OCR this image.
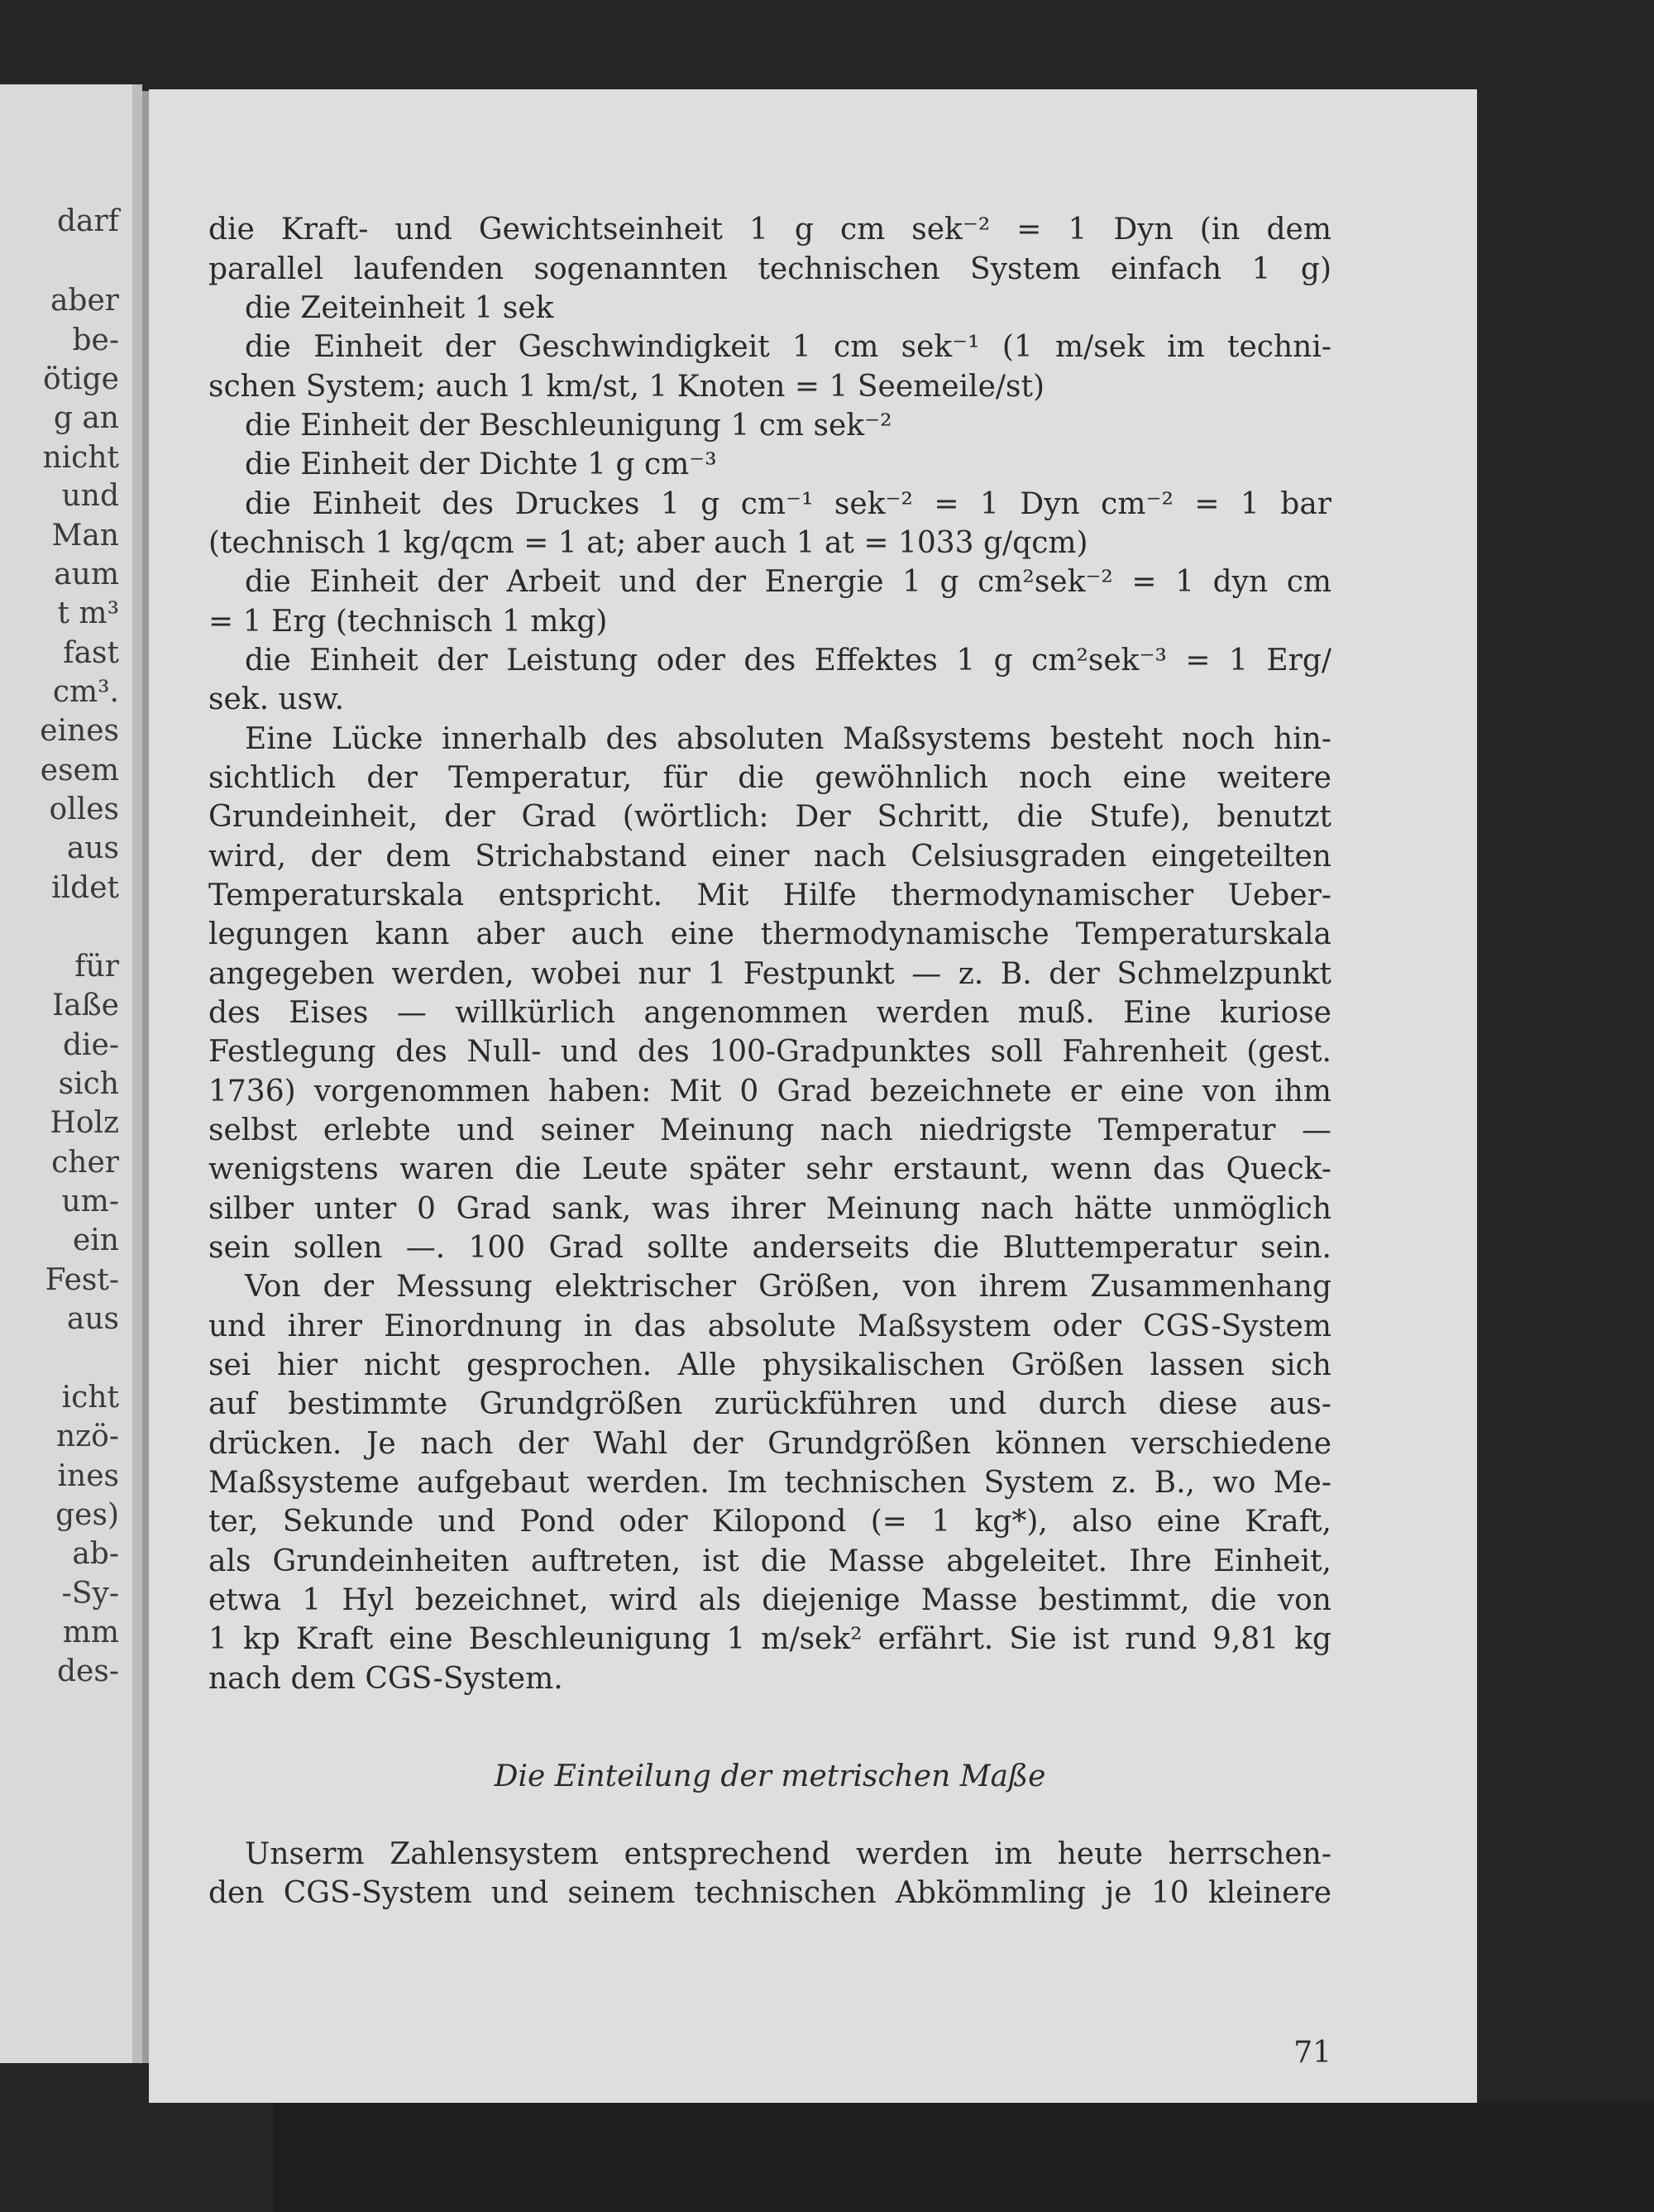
darf
aber
be-
ötige
g an
nicht
und
Man
aum
t m³
fast
cm³.
eines
esem
olles
aus
ildet
für
Iaße
die-
sich
Holz
cher
um-
ein
Fest-
aus
icht
nzö-
ines
ges)
ab-
-Sy-
mm
des-
die Kraft- und Gewichtseinheit 1 g cm sek⁻² = 1 Dyn (in dem
parallel laufenden sogenannten technischen System einfach 1 g)
die Zeiteinheit 1 sek
die Einheit der Geschwindigkeit 1 cm sek⁻¹ (1 m/sek im techni-
schen System; auch 1 km/st, 1 Knoten = 1 Seemeile/st)
die Einheit der Beschleunigung 1 cm sek⁻²
die Einheit der Dichte 1 g cm⁻³
die Einheit des Druckes 1 g cm⁻¹ sek⁻² = 1 Dyn cm⁻² = 1 bar
(technisch 1 kg/qcm = 1 at; aber auch 1 at = 1033 g/qcm)
die Einheit der Arbeit und der Energie 1 g cm²sek⁻² = 1 dyn cm
= 1 Erg (technisch 1 mkg)
die Einheit der Leistung oder des Effektes 1 g cm²sek⁻³ = 1 Erg/
sek. usw.
Eine Lücke innerhalb des absoluten Maßsystems besteht noch hin-
sichtlich der Temperatur, für die gewöhnlich noch eine weitere
Grundeinheit, der Grad (wörtlich: Der Schritt, die Stufe), benutzt
wird, der dem Strichabstand einer nach Celsiusgraden eingeteilten
Temperaturskala entspricht. Mit Hilfe thermodynamischer Ueber-
legungen kann aber auch eine thermodynamische Temperaturskala
angegeben werden, wobei nur 1 Festpunkt — z. B. der Schmelzpunkt
des Eises — willkürlich angenommen werden muß. Eine kuriose
Festlegung des Null- und des 100-Gradpunktes soll Fahrenheit (gest.
1736) vorgenommen haben: Mit 0 Grad bezeichnete er eine von ihm
selbst erlebte und seiner Meinung nach niedrigste Temperatur —
wenigstens waren die Leute später sehr erstaunt, wenn das Queck-
silber unter 0 Grad sank, was ihrer Meinung nach hätte unmöglich
sein sollen —. 100 Grad sollte anderseits die Bluttemperatur sein.
Von der Messung elektrischer Größen, von ihrem Zusammenhang
und ihrer Einordnung in das absolute Maßsystem oder CGS-System
sei hier nicht gesprochen. Alle physikalischen Größen lassen sich
auf bestimmte Grundgrößen zurückführen und durch diese aus-
drücken. Je nach der Wahl der Grundgrößen können verschiedene
Maßsysteme aufgebaut werden. Im technischen System z. B., wo Me-
ter, Sekunde und Pond oder Kilopond (= 1 kg*), also eine Kraft,
als Grundeinheiten auftreten, ist die Masse abgeleitet. Ihre Einheit,
etwa 1 Hyl bezeichnet, wird als diejenige Masse bestimmt, die von
1 kp Kraft eine Beschleunigung 1 m/sek² erfährt. Sie ist rund 9,81 kg
nach dem CGS-System.
Die Einteilung der metrischen Maße
Unserm Zahlensystem entsprechend werden im heute herrschen-
den CGS-System und seinem technischen Abkömmling je 10 kleinere
71
